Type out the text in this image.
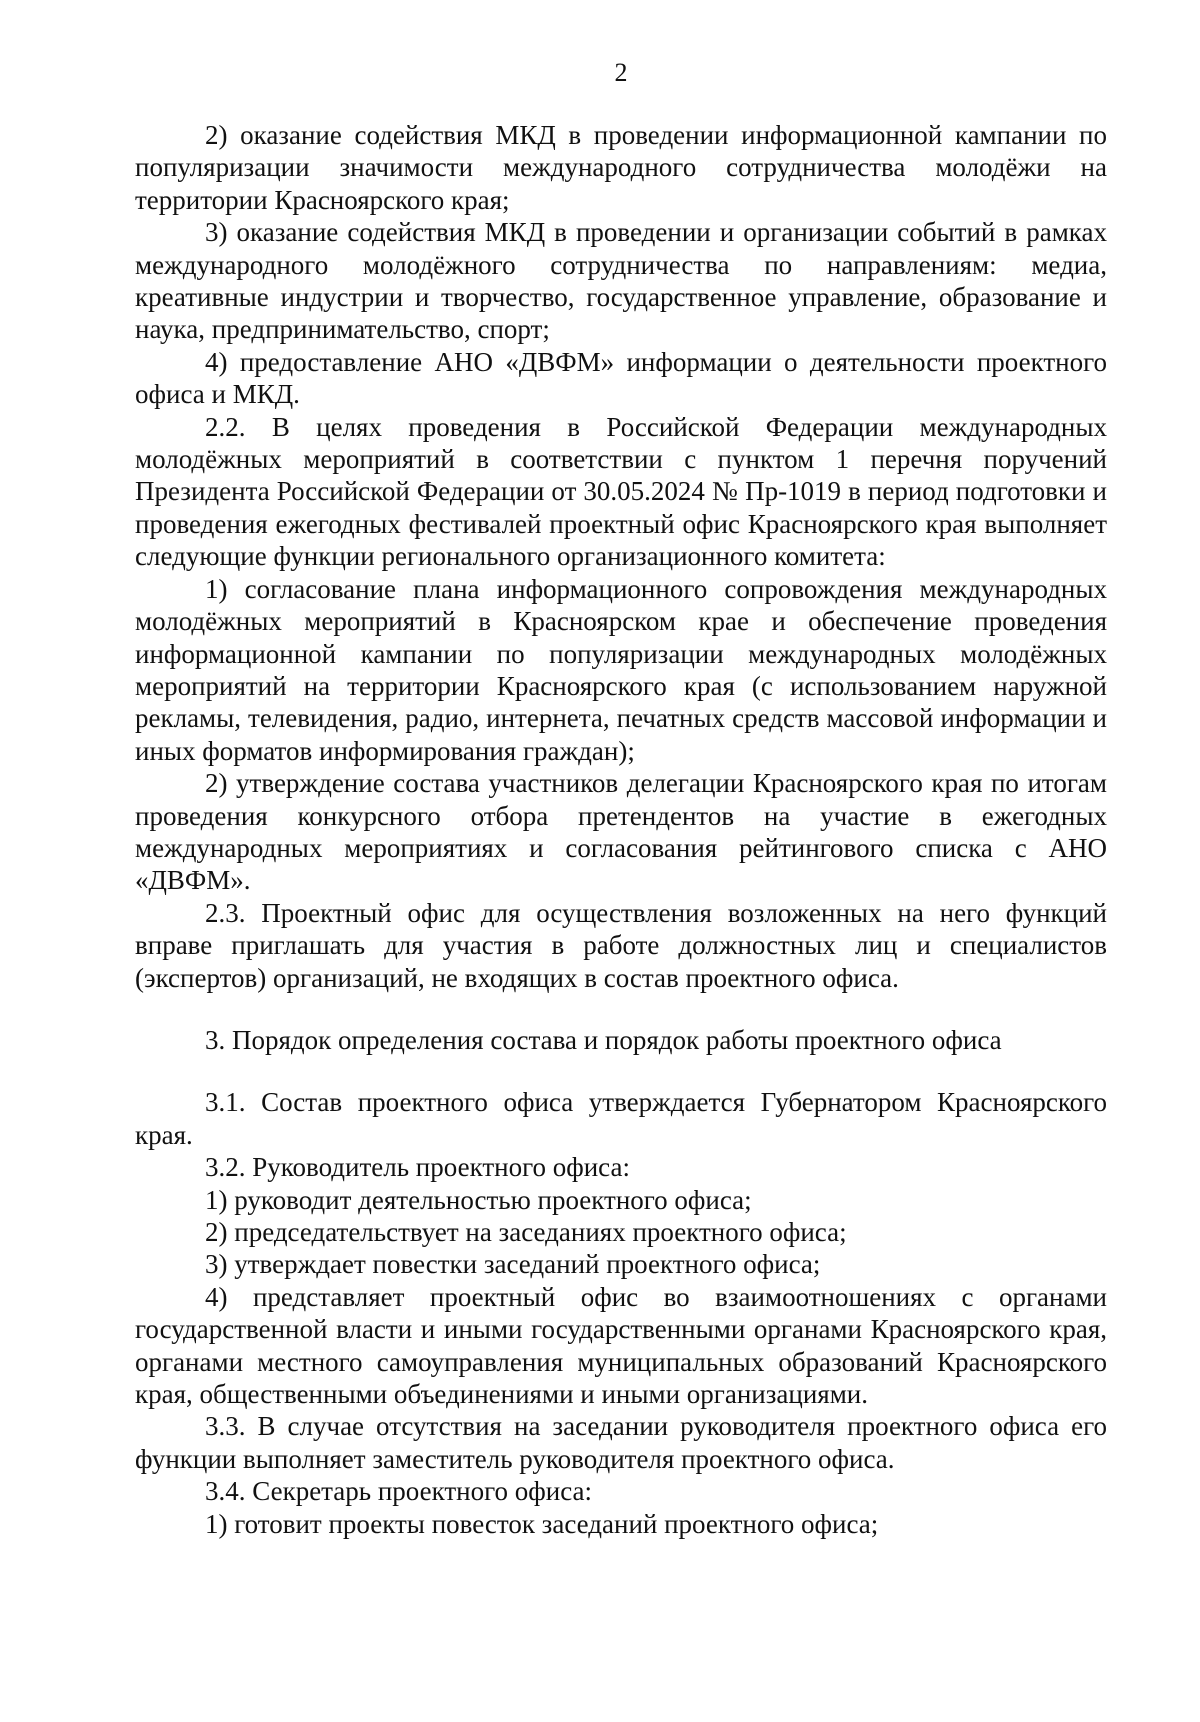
2

2) оказание содействия МКД в проведении информационной кампании по популяризации значимости международного сотрудничества молодёжи на территории Красноярского края;

3) оказание содействия МКД в проведении и организации событий в рамках международного молодёжного сотрудничества по направлениям: медиа, креативные индустрии и творчество, государственное управление, образование и наука, предпринимательство, спорт;

4) предоставление АНО «ДВФМ» информации о деятельности проектного офиса и МКД.

2.2. В целях проведения в Российской Федерации международных молодёжных мероприятий в соответствии с пунктом 1 перечня поручений Президента Российской Федерации от 30.05.2024 № Пр-1019 в период подготовки и проведения ежегодных фестивалей проектный офис Красноярского края выполняет следующие функции регионального организационного комитета:

1) согласование плана информационного сопровождения международных молодёжных мероприятий в Красноярском крае и обеспечение проведения информационной кампании по популяризации международных молодёжных мероприятий на территории Красноярского края (с использованием наружной рекламы, телевидения, радио, интернета, печатных средств массовой информации и иных форматов информирования граждан);

2) утверждение состава участников делегации Красноярского края по итогам проведения конкурсного отбора претендентов на участие в ежегодных международных мероприятиях и согласования рейтингового списка с АНО «ДВФМ».

2.3. Проектный офис для осуществления возложенных на него функций вправе приглашать для участия в работе должностных лиц и специалистов (экспертов) организаций, не входящих в состав проектного офиса.

3. Порядок определения состава и порядок работы проектного офиса

3.1. Состав проектного офиса утверждается Губернатором Красноярского края.

3.2. Руководитель проектного офиса:

1) руководит деятельностью проектного офиса;

2) председательствует на заседаниях проектного офиса;

3) утверждает повестки заседаний проектного офиса;

4) представляет проектный офис во взаимоотношениях с органами государственной власти и иными государственными органами Красноярского края, органами местного самоуправления муниципальных образований Красноярского края, общественными объединениями и иными организациями.

3.3. В случае отсутствия на заседании руководителя проектного офиса его функции выполняет заместитель руководителя проектного офиса.

3.4. Секретарь проектного офиса:

1) готовит проекты повесток заседаний проектного офиса;
